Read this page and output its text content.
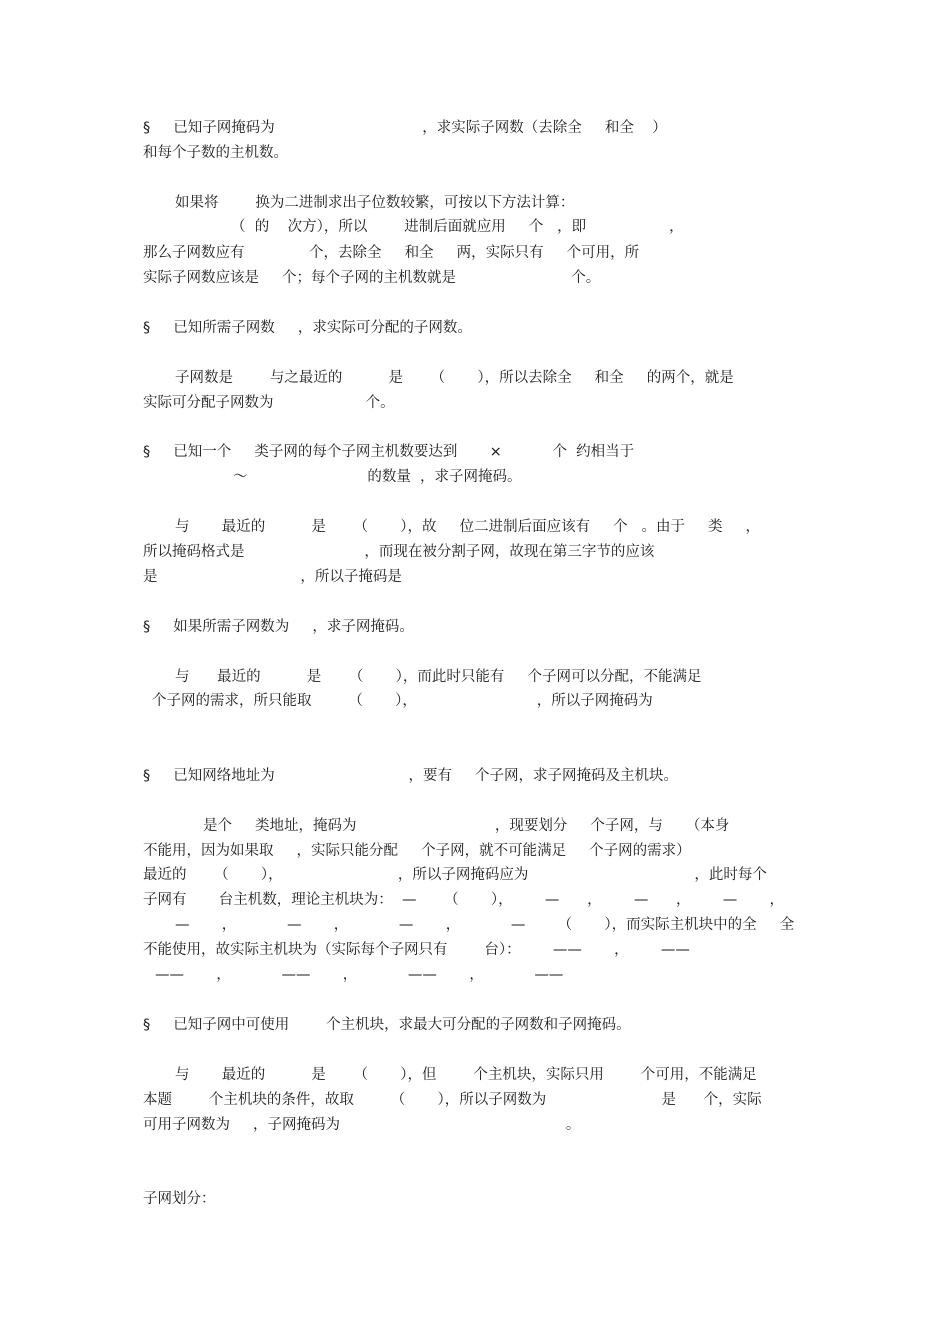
§     已知子网掩码为                                ，求实际子网数（去除全     和全    ）

和每个子数的主机数。

如果将        换为二进制求出子位数较繁，可按以下方法计算：

（  的    次方），所以        进制后面就应用     个   ，即                  ，

那么子网数应有              个，去除全     和全     两，实际只有     个可用，所

实际子网数应该是     个；每个子网的主机数就是                         个。

§     已知所需子网数     ，求实际可分配的子网数。

子网数是        与之最近的          是      （       ），所以去除全     和全     的两个，就是

实际可分配子网数为                    个。

§     已知一个     类子网的每个子网主机数要达到       ×           个  约相当于

～                          的数量  ，求子网掩码。

与       最近的          是      （       ），故     位二进制后面应该有     个   。由于     类     ，

所以掩码格式是                          ，而现在被分割子网，故现在第三字节的应该

是                               ，所以子掩码是

§     如果所需子网数为     ，求子网掩码。

与      最近的          是      （       ），而此时只能有     个子网可以分配，不能满足

个子网的需求，所只能取        （       ），                          ，所以子网掩码为

§     已知网络地址为                             ，要有     个子网，求子网掩码及主机块。

是个     类地址，掩码为                              ，现要划分     个子网，与     （本身

不能用，因为如果取     ，实际只能分配     个子网，就不可能满足     个子网的需求）

最近的      （       ），                         ，所以子网掩码应为                                    ，此时每个

子网有       台主机数，理论主机块为：  —      （       ），       —      ，       —      ，       —       ，

—       ，           —       ，           —       ，           —       （       ），而实际主机块中的全     全

不能使用，故实际主机块为（实际每个子网只有        台）：       ——       ，       ——

——       ，           ——       ，           ——       ，           ——

§     已知子网中可使用        个主机块，求最大可分配的子网数和子网掩码。

与       最近的          是      （       ），但        个主机块，实际只用        个可用，不能满足

本题        个主机块的条件，故取        （       ），所以子网数为                         是      个，实际

可用子网数为     ，子网掩码为                                                 。

子网划分：
